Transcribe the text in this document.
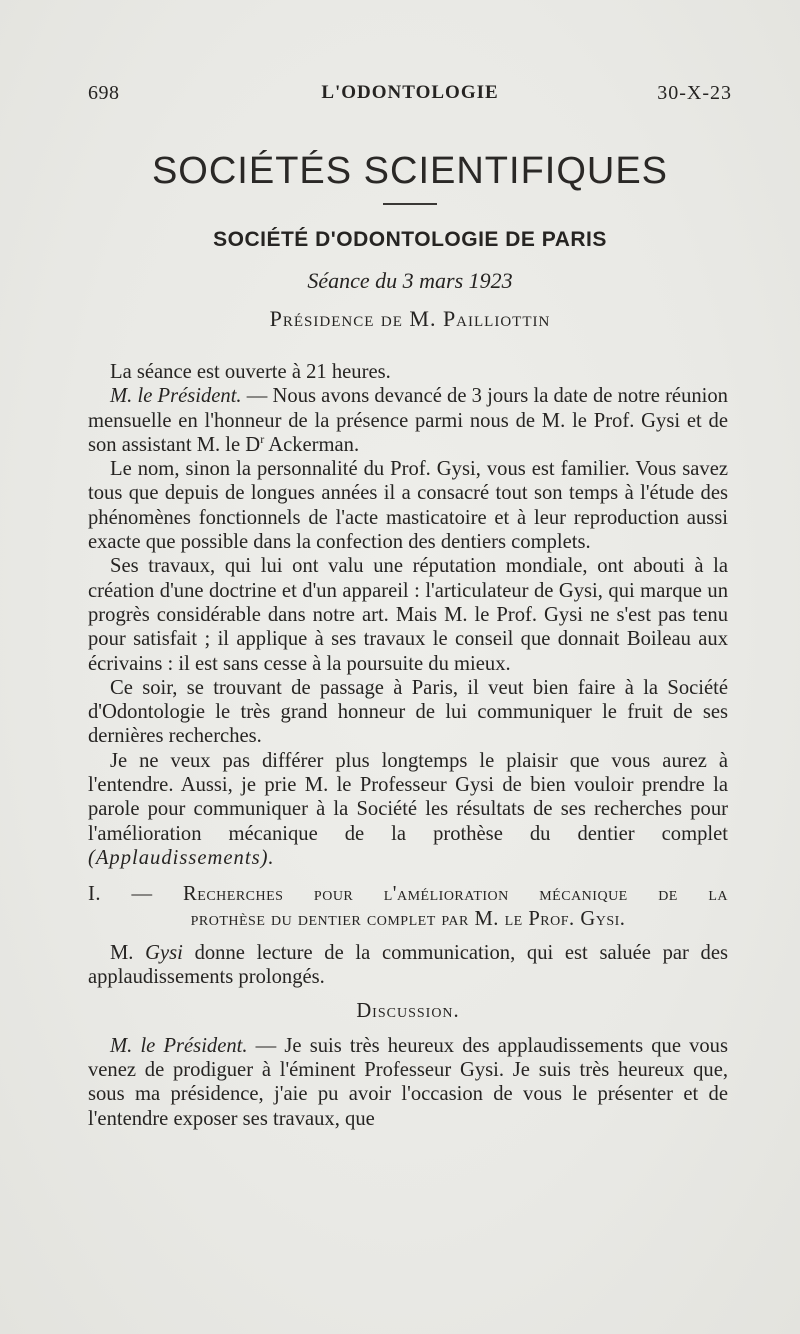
698	L'ODONTOLOGIE	30-X-23
SOCIÉTÉS SCIENTIFIQUES
SOCIÉTÉ D'ODONTOLOGIE DE PARIS
Séance du 3 mars 1923
Présidence de M. Pailliottin

La séance est ouverte à 21 heures.

M. le Président. — Nous avons devancé de 3 jours la date de notre réunion mensuelle en l'honneur de la présence parmi nous de M. le Prof. Gysi et de son assistant M. le $D^r$ Ackerman.

Le nom, sinon la personnalité du Prof. Gysi, vous est familier. Vous savez tous que depuis de longues années il a consacré tout son temps à l'étude des phénomènes fonctionnels de l'acte masticatoire et à leur reproduction aussi exacte que possible dans la confection des dentiers complets.

Ses travaux, qui lui ont valu une réputation mondiale, ont abouti à la création d'une doctrine et d'un appareil : l'articulateur de Gysi, qui marque un progrès considérable dans notre art. Mais M. le Prof. Gysi ne s'est pas tenu pour satisfait ; il applique à ses travaux le conseil que donnait Boileau aux écrivains : il est sans cesse à la poursuite du mieux.

Ce soir, se trouvant de passage à Paris, il veut bien faire à la Société d'Odontologie le très grand honneur de lui communiquer le fruit de ses dernières recherches.

Je ne veux pas différer plus longtemps le plaisir que vous aurez à l'entendre. Aussi, je prie M. le Professeur Gysi de bien vouloir prendre la parole pour communiquer à la Société les résultats de ses recherches pour l'amélioration mécanique de la prothèse du dentier complet (Applaudissements).

I. — Recherches pour l'amélioration mécanique de la
prothèse du dentier complet par M. le Prof. Gysi.

M. Gysi donne lecture de la communication, qui est saluée par des applaudissements prolongés.

Discussion.

M. le Président. — Je suis très heureux des applaudissements que vous venez de prodiguer à l'éminent Professeur Gysi. Je suis très heureux que, sous ma présidence, j'aie pu avoir l'occasion de vous le présenter et de l'entendre exposer ses travaux, que
